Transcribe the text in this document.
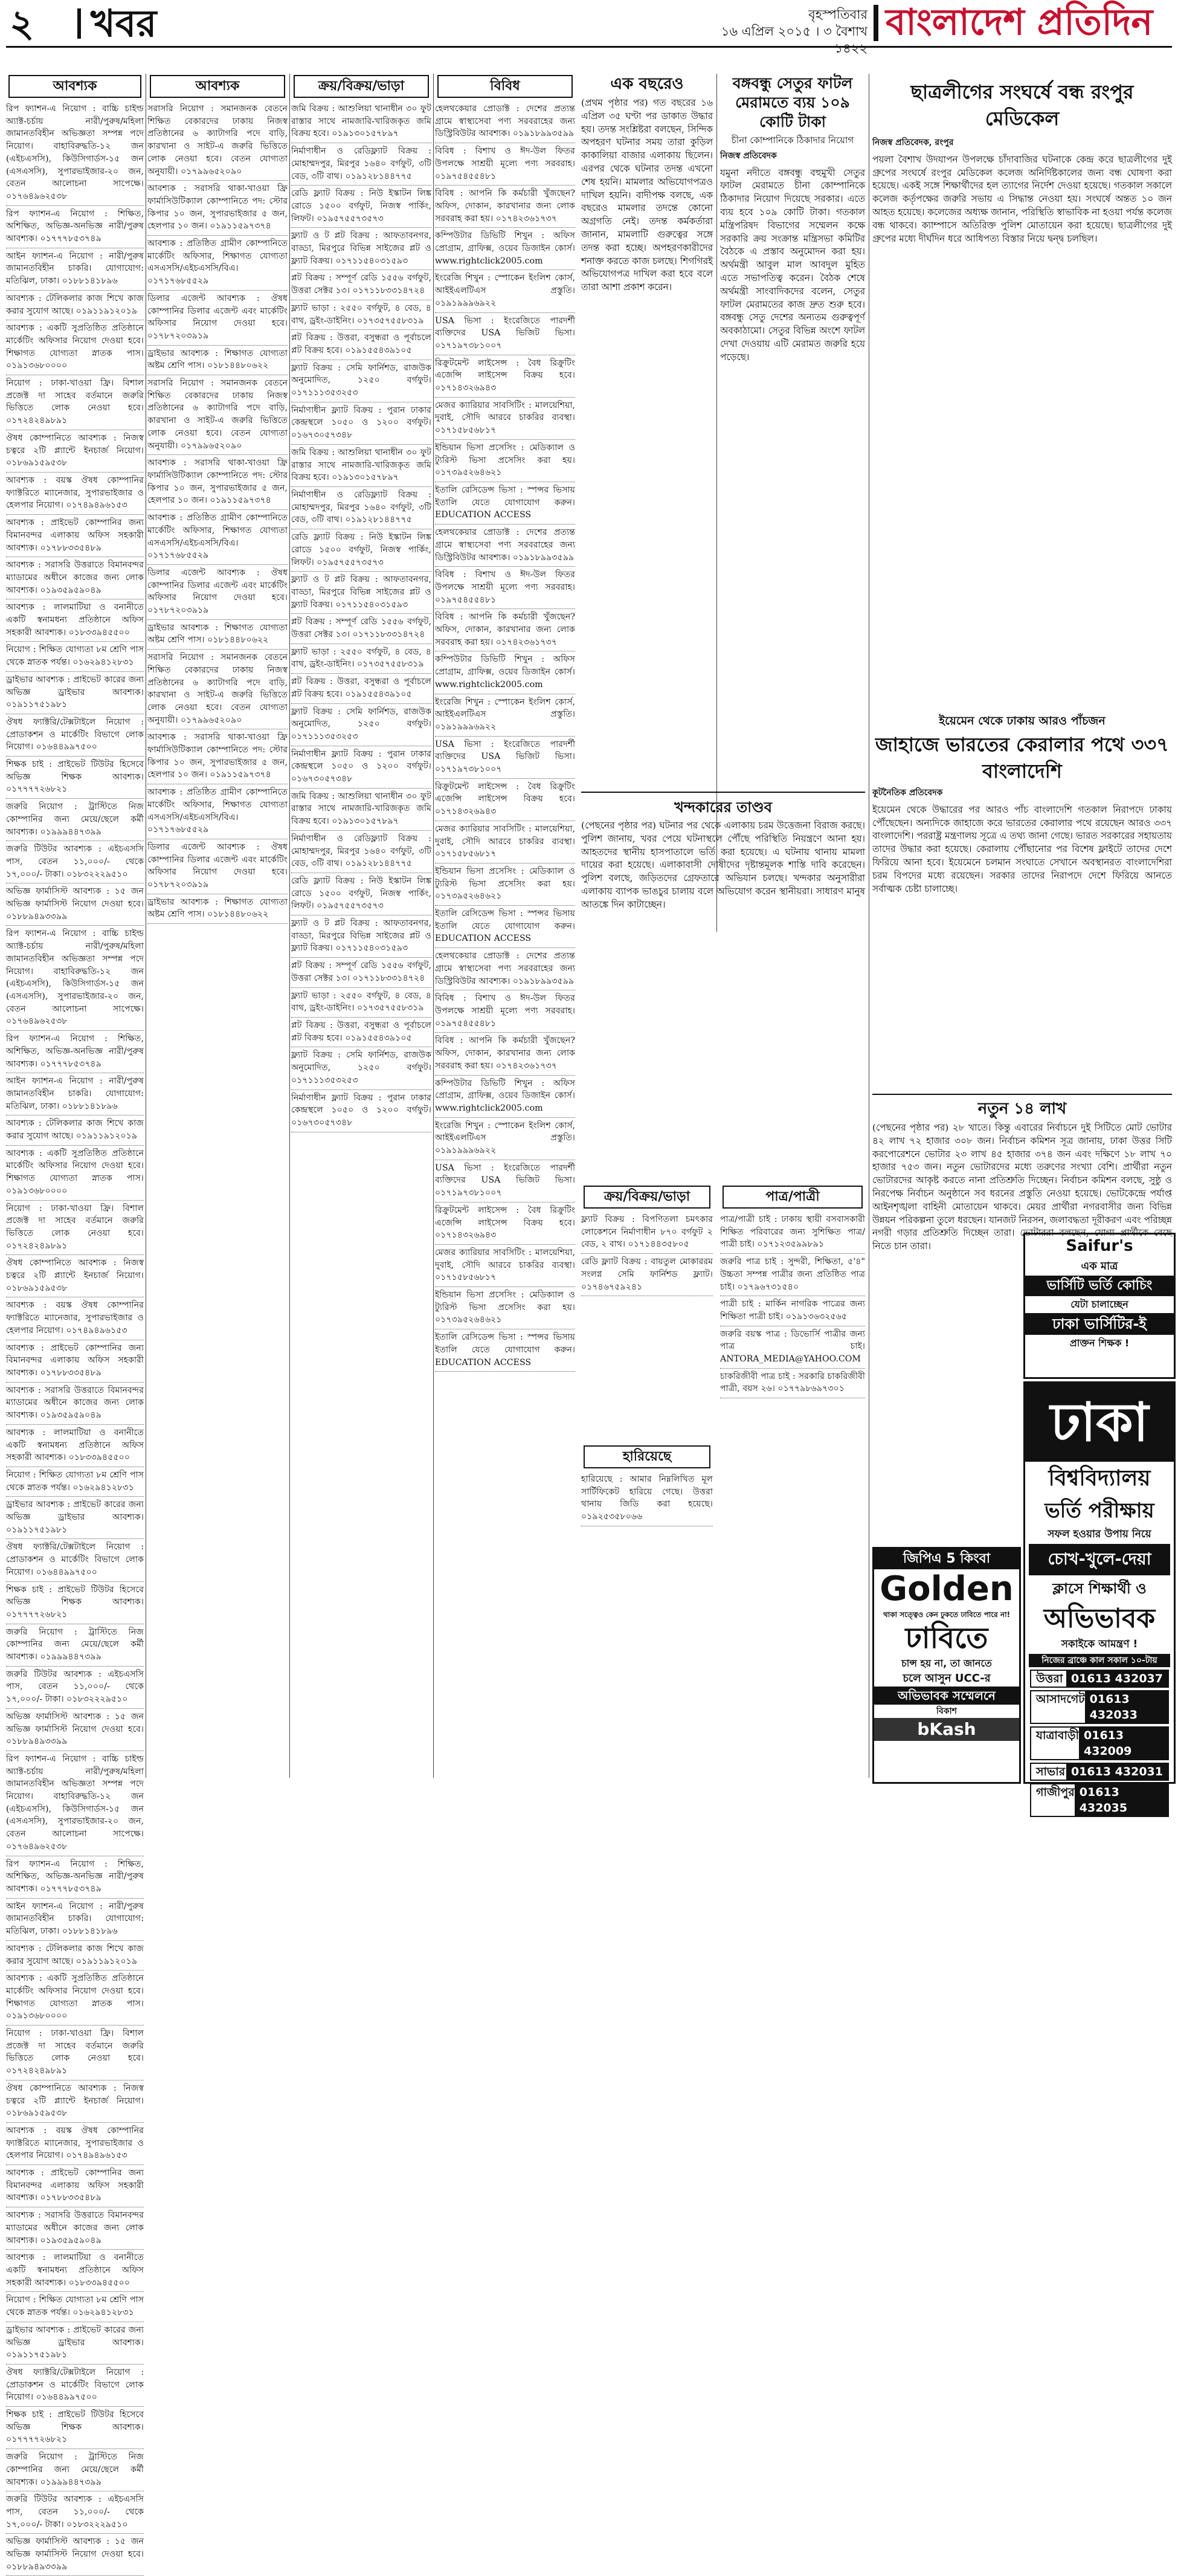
২ খবর	বৃহস্পতিবার
১৬ এপ্রিল ২০১৫ । ৩ বৈশাখ ১৪২২
বাংলাদেশ প্রতিদিন
আবশ্যক
রিপ ফ্যাশন-এ নিয়োগ : বাচ্চি চাইল্ড অ্যাক্ট-চর্চায় নারী/পুরুষ/মহিলা জামানতবিহীন অভিজ্ঞতা সম্পন্ন পদে নিয়োগ। বাহাবিরুদ্ধতি-১২ জন (এইচএসসি), কিউসিগার্ডস-১৫ জন (এসএসসি), সুপারভাইজার-২০ জন, বেতন আলোচনা সাপেক্ষে। ০১৭৬৪৯৬২৫৩৮
রিপ ফ্যাশন-এ নিয়োগ : শিক্ষিত, অশিক্ষিত, অভিজ্ঞ-অনভিজ্ঞ নারী/পুরুষ আবশ্যক। ০১৭৭৭৮৫৩৭৪৯
আইন ফ্যাশন-এ নিয়োগ : নারী/পুরুষ জামানতবিহীন চাকরি। যোগাযোগ: মতিঝিল, ঢাকা। ০১৮৮১৪১৮৯৬
আবশ্যক : টেলিকলার কাজ শিখে কাজ করার সুযোগ আছে। ০১৯১১৯১২০১৯
আবশ্যক : একটি সুপ্রতিষ্ঠিত প্রতিষ্ঠানে মার্কেটিং অফিসার নিয়োগ দেওয়া হবে। শিক্ষাগত যোগ্যতা স্নাতক পাস। ০১৯১৩৬৮০০০০
নিয়োগ : ঢাকা-খাওয়া ফ্রি। বিশাল প্রজেক্ট দা সাহেব বর্তমানে জরুরি ভিত্তিতে লোক নেওয়া হবে। ০১৭২৪২৪৯৮৯১
ঔষধ কোম্পানিতে আবশ্যক : নিজস্ব চত্বরে ২টি প্ল্যান্টে ইনচার্জ নিয়োগ। ০১৮৬৯১৫৯৫৩৮
আবশ্যক : বয়স্ক ঔষধ কোম্পানির ফ্যাক্টরিতে ম্যানেজার, সুপারভাইজার ও হেলপার নিয়োগ। ০১৭৪৯৪৯৬১৫৩
আবশ্যক : প্রাইভেট কোম্পানির জন্য বিমানবন্দর এলাকায় অফিস সহকারী আবশ্যক। ০১৭৮৮৩৩৫৪৮৯
আবশ্যক : সরাসরি উত্তরাতে বিমানবন্দর ম্যাডামের অধীনে কাজের জন্য লোক আবশ্যক। ০১৯৩৫৯৫৯০৪৯
আবশ্যক : লালমাটিয়া ও বনানীতে একটি স্বনামধন্য প্রতিষ্ঠানে অফিস সহকারী আবশ্যক। ০১৮৩৩৯৪৫৫০০
নিয়োগ : শিক্ষিত যোগ্যতা ৮ম শ্রেণি পাস থেকে স্নাতক পর্যন্ত। ০১৬২৯৪১২৮৩১
ড্রাইভার আবশ্যক : প্রাইভেট কারের জন্য অভিজ্ঞ ড্রাইভার আবশ্যক। ০১৯১১৭৫১৯৮১
ঔষধ ফ্যাক্টরি/টেক্সটাইলে নিয়োগ : প্রোডাকশন ও মার্কেটিং বিভাগে লোক নিয়োগ। ০১৬৪৪৯৯৭৫০০
শিক্ষক চাই : প্রাইভেট টিউটর হিসেবে অভিজ্ঞ শিক্ষক আবশ্যক। ০১৭৭৭৭২৬৮২১
জরুরি নিয়োগ : ট্রাস্টিতে নিজ কোম্পানির জন্য মেয়ে/ছেলে কর্মী আবশ্যক। ০১৯৯৯৪৪৭৩৯৯
জরুরি টিউটর আবশ্যক : এইচএসসি পাস, বেতন ১১,০০০/- থেকে ১৭,০০০/- টাকা। ০১৮৩২২২৯৫১০
অভিজ্ঞ ফার্মাসিস্ট আবশ্যক : ১৫ জন অভিজ্ঞ ফার্মাসিস্ট নিয়োগ দেওয়া হবে। ০১৮৮৯৪৯৩৩৯৯
রিপ ফ্যাশন-এ নিয়োগ : বাচ্চি চাইল্ড অ্যাক্ট-চর্চায় নারী/পুরুষ/মহিলা জামানতবিহীন অভিজ্ঞতা সম্পন্ন পদে নিয়োগ। বাহাবিরুদ্ধতি-১২ জন (এইচএসসি), কিউসিগার্ডস-১৫ জন (এসএসসি), সুপারভাইজার-২০ জন, বেতন আলোচনা সাপেক্ষে। ০১৭৬৪৯৬২৫৩৮
রিপ ফ্যাশন-এ নিয়োগ : শিক্ষিত, অশিক্ষিত, অভিজ্ঞ-অনভিজ্ঞ নারী/পুরুষ আবশ্যক। ০১৭৭৭৮৫৩৭৪৯
আইন ফ্যাশন-এ নিয়োগ : নারী/পুরুষ জামানতবিহীন চাকরি। যোগাযোগ: মতিঝিল, ঢাকা। ০১৮৮১৪১৮৯৬
আবশ্যক : টেলিকলার কাজ শিখে কাজ করার সুযোগ আছে। ০১৯১১৯১২০১৯
আবশ্যক : একটি সুপ্রতিষ্ঠিত প্রতিষ্ঠানে মার্কেটিং অফিসার নিয়োগ দেওয়া হবে। শিক্ষাগত যোগ্যতা স্নাতক পাস। ০১৯১৩৬৮০০০০
নিয়োগ : ঢাকা-খাওয়া ফ্রি। বিশাল প্রজেক্ট দা সাহেব বর্তমানে জরুরি ভিত্তিতে লোক নেওয়া হবে। ০১৭২৪২৪৯৮৯১
ঔষধ কোম্পানিতে আবশ্যক : নিজস্ব চত্বরে ২টি প্ল্যান্টে ইনচার্জ নিয়োগ। ০১৮৬৯১৫৯৫৩৮
আবশ্যক : বয়স্ক ঔষধ কোম্পানির ফ্যাক্টরিতে ম্যানেজার, সুপারভাইজার ও হেলপার নিয়োগ। ০১৭৪৯৪৯৬১৫৩
আবশ্যক : প্রাইভেট কোম্পানির জন্য বিমানবন্দর এলাকায় অফিস সহকারী আবশ্যক। ০১৭৮৮৩৩৫৪৮৯
আবশ্যক : সরাসরি উত্তরাতে বিমানবন্দর ম্যাডামের অধীনে কাজের জন্য লোক আবশ্যক। ০১৯৩৫৯৫৯০৪৯
আবশ্যক : লালমাটিয়া ও বনানীতে একটি স্বনামধন্য প্রতিষ্ঠানে অফিস সহকারী আবশ্যক। ০১৮৩৩৯৪৫৫০০
নিয়োগ : শিক্ষিত যোগ্যতা ৮ম শ্রেণি পাস থেকে স্নাতক পর্যন্ত। ০১৬২৯৪১২৮৩১
ড্রাইভার আবশ্যক : প্রাইভেট কারের জন্য অভিজ্ঞ ড্রাইভার আবশ্যক। ০১৯১১৭৫১৯৮১
ঔষধ ফ্যাক্টরি/টেক্সটাইলে নিয়োগ : প্রোডাকশন ও মার্কেটিং বিভাগে লোক নিয়োগ। ০১৬৪৪৯৯৭৫০০
শিক্ষক চাই : প্রাইভেট টিউটর হিসেবে অভিজ্ঞ শিক্ষক আবশ্যক। ০১৭৭৭৭২৬৮২১
জরুরি নিয়োগ : ট্রাস্টিতে নিজ কোম্পানির জন্য মেয়ে/ছেলে কর্মী আবশ্যক। ০১৯৯৯৪৪৭৩৯৯
জরুরি টিউটর আবশ্যক : এইচএসসি পাস, বেতন ১১,০০০/- থেকে ১৭,০০০/- টাকা। ০১৮৩২২২৯৫১০
অভিজ্ঞ ফার্মাসিস্ট আবশ্যক : ১৫ জন অভিজ্ঞ ফার্মাসিস্ট নিয়োগ দেওয়া হবে। ০১৮৮৯৪৯৩৩৯৯
রিপ ফ্যাশন-এ নিয়োগ : বাচ্চি চাইল্ড অ্যাক্ট-চর্চায় নারী/পুরুষ/মহিলা জামানতবিহীন অভিজ্ঞতা সম্পন্ন পদে নিয়োগ। বাহাবিরুদ্ধতি-১২ জন (এইচএসসি), কিউসিগার্ডস-১৫ জন (এসএসসি), সুপারভাইজার-২০ জন, বেতন আলোচনা সাপেক্ষে। ০১৭৬৪৯৬২৫৩৮
রিপ ফ্যাশন-এ নিয়োগ : শিক্ষিত, অশিক্ষিত, অভিজ্ঞ-অনভিজ্ঞ নারী/পুরুষ আবশ্যক। ০১৭৭৭৮৫৩৭৪৯
আইন ফ্যাশন-এ নিয়োগ : নারী/পুরুষ জামানতবিহীন চাকরি। যোগাযোগ: মতিঝিল, ঢাকা। ০১৮৮১৪১৮৯৬
আবশ্যক : টেলিকলার কাজ শিখে কাজ করার সুযোগ আছে। ০১৯১১৯১২০১৯
আবশ্যক : একটি সুপ্রতিষ্ঠিত প্রতিষ্ঠানে মার্কেটিং অফিসার নিয়োগ দেওয়া হবে। শিক্ষাগত যোগ্যতা স্নাতক পাস। ০১৯১৩৬৮০০০০
নিয়োগ : ঢাকা-খাওয়া ফ্রি। বিশাল প্রজেক্ট দা সাহেব বর্তমানে জরুরি ভিত্তিতে লোক নেওয়া হবে। ০১৭২৪২৪৯৮৯১
ঔষধ কোম্পানিতে আবশ্যক : নিজস্ব চত্বরে ২টি প্ল্যান্টে ইনচার্জ নিয়োগ। ০১৮৬৯১৫৯৫৩৮
আবশ্যক : বয়স্ক ঔষধ কোম্পানির ফ্যাক্টরিতে ম্যানেজার, সুপারভাইজার ও হেলপার নিয়োগ। ০১৭৪৯৪৯৬১৫৩
আবশ্যক : প্রাইভেট কোম্পানির জন্য বিমানবন্দর এলাকায় অফিস সহকারী আবশ্যক। ০১৭৮৮৩৩৫৪৮৯
আবশ্যক : সরাসরি উত্তরাতে বিমানবন্দর ম্যাডামের অধীনে কাজের জন্য লোক আবশ্যক। ০১৯৩৫৯৫৯০৪৯
আবশ্যক : লালমাটিয়া ও বনানীতে একটি স্বনামধন্য প্রতিষ্ঠানে অফিস সহকারী আবশ্যক। ০১৮৩৩৯৪৫৫০০
নিয়োগ : শিক্ষিত যোগ্যতা ৮ম শ্রেণি পাস থেকে স্নাতক পর্যন্ত। ০১৬২৯৪১২৮৩১
ড্রাইভার আবশ্যক : প্রাইভেট কারের জন্য অভিজ্ঞ ড্রাইভার আবশ্যক। ০১৯১১৭৫১৯৮১
ঔষধ ফ্যাক্টরি/টেক্সটাইলে নিয়োগ : প্রোডাকশন ও মার্কেটিং বিভাগে লোক নিয়োগ। ০১৬৪৪৯৯৭৫০০
শিক্ষক চাই : প্রাইভেট টিউটর হিসেবে অভিজ্ঞ শিক্ষক আবশ্যক। ০১৭৭৭৭২৬৮২১
জরুরি নিয়োগ : ট্রাস্টিতে নিজ কোম্পানির জন্য মেয়ে/ছেলে কর্মী আবশ্যক। ০১৯৯৯৪৪৭৩৯৯
জরুরি টিউটর আবশ্যক : এইচএসসি পাস, বেতন ১১,০০০/- থেকে ১৭,০০০/- টাকা। ০১৮৩২২২৯৫১০
অভিজ্ঞ ফার্মাসিস্ট আবশ্যক : ১৫ জন অভিজ্ঞ ফার্মাসিস্ট নিয়োগ দেওয়া হবে। ০১৮৮৯৪৯৩৩৯৯
আবশ্যক
সরাসরি নিয়োগ : সমানজনক বেতনে শিক্ষিত বেকারদের ঢাকায় নিজস্ব প্রতিষ্ঠানের ৬ ক্যাটাগরি পদে বাড়ি, কারখানা ও সাইট-এ জরুরি ভিত্তিতে লোক নেওয়া হবে। বেতন যোগ্যতা অনুযায়ী। ০১৭৯৯৬৫২০৯০
আবশ্যক : সরাসরি থাকা-খাওয়া ফ্রি ফার্মাসিউটিক্যাল কোম্পানিতে পদ: স্টোর কিপার ১০ জন, সুপারভাইজার ৫ জন, হেলপার ১০ জন। ০১৯১১৫৯৭৩৭৪
আবশ্যক : প্রতিষ্ঠিত গ্রামীণ কোম্পানিতে মার্কেটিং অফিসার, শিক্ষাগত যোগ্যতা এসএসসি/এইচএসসি/বিএ। ০১৭১৭৬৮৫৫২৯
ডিলার এজেন্ট আবশ্যক : ঔষধ কোম্পানির ডিলার এজেন্ট এবং মার্কেটিং অফিসার নিয়োগ দেওয়া হবে। ০১৭৮৭২০৩৯১৯
ড্রাইভার আবশ্যক : শিক্ষাগত যোগ্যতা অষ্টম শ্রেণি পাস। ০১৮১৪৪৮০৬২২
সরাসরি নিয়োগ : সমানজনক বেতনে শিক্ষিত বেকারদের ঢাকায় নিজস্ব প্রতিষ্ঠানের ৬ ক্যাটাগরি পদে বাড়ি, কারখানা ও সাইট-এ জরুরি ভিত্তিতে লোক নেওয়া হবে। বেতন যোগ্যতা অনুযায়ী। ০১৭৯৯৬৫২০৯০
আবশ্যক : সরাসরি থাকা-খাওয়া ফ্রি ফার্মাসিউটিক্যাল কোম্পানিতে পদ: স্টোর কিপার ১০ জন, সুপারভাইজার ৫ জন, হেলপার ১০ জন। ০১৯১১৫৯৭৩৭৪
আবশ্যক : প্রতিষ্ঠিত গ্রামীণ কোম্পানিতে মার্কেটিং অফিসার, শিক্ষাগত যোগ্যতা এসএসসি/এইচএসসি/বিএ। ০১৭১৭৬৮৫৫২৯
ডিলার এজেন্ট আবশ্যক : ঔষধ কোম্পানির ডিলার এজেন্ট এবং মার্কেটিং অফিসার নিয়োগ দেওয়া হবে। ০১৭৮৭২০৩৯১৯
ড্রাইভার আবশ্যক : শিক্ষাগত যোগ্যতা অষ্টম শ্রেণি পাস। ০১৮১৪৪৮০৬২২
সরাসরি নিয়োগ : সমানজনক বেতনে শিক্ষিত বেকারদের ঢাকায় নিজস্ব প্রতিষ্ঠানের ৬ ক্যাটাগরি পদে বাড়ি, কারখানা ও সাইট-এ জরুরি ভিত্তিতে লোক নেওয়া হবে। বেতন যোগ্যতা অনুযায়ী। ০১৭৯৯৬৫২০৯০
আবশ্যক : সরাসরি থাকা-খাওয়া ফ্রি ফার্মাসিউটিক্যাল কোম্পানিতে পদ: স্টোর কিপার ১০ জন, সুপারভাইজার ৫ জন, হেলপার ১০ জন। ০১৯১১৫৯৭৩৭৪
আবশ্যক : প্রতিষ্ঠিত গ্রামীণ কোম্পানিতে মার্কেটিং অফিসার, শিক্ষাগত যোগ্যতা এসএসসি/এইচএসসি/বিএ। ০১৭১৭৬৮৫৫২৯
ডিলার এজেন্ট আবশ্যক : ঔষধ কোম্পানির ডিলার এজেন্ট এবং মার্কেটিং অফিসার নিয়োগ দেওয়া হবে। ০১৭৮৭২০৩৯১৯
ড্রাইভার আবশ্যক : শিক্ষাগত যোগ্যতা অষ্টম শ্রেণি পাস। ০১৮১৪৪৮০৬২২
ক্রয়/বিক্রয়/ভাড়া
জমি বিক্রয় : আশুলিয়া থানাধীন ৩০ ফুট রাস্তার সাথে নামজারি-খারিজকৃত জমি বিক্রয় হবে। ০১৯১৩০১৫৭৮৯৭
নির্মাণাধীন ও রেডিফ্ল্যাট বিক্রয় : মোহাম্মদপুর, মিরপুর ১৬৪০ বর্গফুট, ৩টি বেড, ৩টি বাথ। ০১৯১২৮১৪৪৭৭৫
রেডি ফ্ল্যাট বিক্রয় : নিউ ইস্কাটন লিঙ্ক রোডে ১৫০০ বর্গফুট, নিজস্ব পার্কিং, লিফট। ০১৯৫৭৫৫৭৩৫৭৩
ফ্ল্যাট ও ট প্লট বিক্রয় : আফতাবনগর, বাড্ডা, মিরপুরে বিভিন্ন সাইজের প্লট ও ফ্ল্যাট বিক্রয়। ০১৭১১৫৪০৩১৫৯৩
প্লট বিক্রয় : সম্পূর্ণ রেডি ১৫৫৬ বর্গফুট, উত্তরা সেক্টর ১৩। ০১৭১১৮৩৩১৪৭২৪
ফ্ল্যাট ভাড়া : ২৫৫০ বর্গফুট, ৪ বেড, ৪ বাথ, ড্রইং-ডাইনিং। ০১৭৩৫৭৫৫৮৩১৯
প্লট বিক্রয় : উত্তরা, বসুন্ধরা ও পূর্বাচলে প্লট বিক্রয় হবে। ০১৯১৫৫৪৩৯১০৫
ফ্ল্যাট বিক্রয় : সেমি ফার্নিশড, রাজউক অনুমোদিত, ১২৫০ বর্গফুট। ০১৭১১১৩৫৩২৫৩
নির্মাণাধীন ফ্ল্যাট বিক্রয় : পুরান ঢাকার কেন্দ্রস্থলে ১০৫০ ও ১২০০ বর্গফুট। ০১৬৭৩০৫৭৩৪৮
জমি বিক্রয় : আশুলিয়া থানাধীন ৩০ ফুট রাস্তার সাথে নামজারি-খারিজকৃত জমি বিক্রয় হবে। ০১৯১৩০১৫৭৮৯৭
নির্মাণাধীন ও রেডিফ্ল্যাট বিক্রয় : মোহাম্মদপুর, মিরপুর ১৬৪০ বর্গফুট, ৩টি বেড, ৩টি বাথ। ০১৯১২৮১৪৪৭৭৫
রেডি ফ্ল্যাট বিক্রয় : নিউ ইস্কাটন লিঙ্ক রোডে ১৫০০ বর্গফুট, নিজস্ব পার্কিং, লিফট। ০১৯৫৭৫৫৭৩৫৭৩
ফ্ল্যাট ও ট প্লট বিক্রয় : আফতাবনগর, বাড্ডা, মিরপুরে বিভিন্ন সাইজের প্লট ও ফ্ল্যাট বিক্রয়। ০১৭১১৫৪০৩১৫৯৩
প্লট বিক্রয় : সম্পূর্ণ রেডি ১৫৫৬ বর্গফুট, উত্তরা সেক্টর ১৩। ০১৭১১৮৩৩১৪৭২৪
ফ্ল্যাট ভাড়া : ২৫৫০ বর্গফুট, ৪ বেড, ৪ বাথ, ড্রইং-ডাইনিং। ০১৭৩৫৭৫৫৮৩১৯
প্লট বিক্রয় : উত্তরা, বসুন্ধরা ও পূর্বাচলে প্লট বিক্রয় হবে। ০১৯১৫৫৪৩৯১০৫
ফ্ল্যাট বিক্রয় : সেমি ফার্নিশড, রাজউক অনুমোদিত, ১২৫০ বর্গফুট। ০১৭১১১৩৫৩২৫৩
নির্মাণাধীন ফ্ল্যাট বিক্রয় : পুরান ঢাকার কেন্দ্রস্থলে ১০৫০ ও ১২০০ বর্গফুট। ০১৬৭৩০৫৭৩৪৮
জমি বিক্রয় : আশুলিয়া থানাধীন ৩০ ফুট রাস্তার সাথে নামজারি-খারিজকৃত জমি বিক্রয় হবে। ০১৯১৩০১৫৭৮৯৭
নির্মাণাধীন ও রেডিফ্ল্যাট বিক্রয় : মোহাম্মদপুর, মিরপুর ১৬৪০ বর্গফুট, ৩টি বেড, ৩টি বাথ। ০১৯১২৮১৪৪৭৭৫
রেডি ফ্ল্যাট বিক্রয় : নিউ ইস্কাটন লিঙ্ক রোডে ১৫০০ বর্গফুট, নিজস্ব পার্কিং, লিফট। ০১৯৫৭৫৫৭৩৫৭৩
ফ্ল্যাট ও ট প্লট বিক্রয় : আফতাবনগর, বাড্ডা, মিরপুরে বিভিন্ন সাইজের প্লট ও ফ্ল্যাট বিক্রয়। ০১৭১১৫৪০৩১৫৯৩
প্লট বিক্রয় : সম্পূর্ণ রেডি ১৫৫৬ বর্গফুট, উত্তরা সেক্টর ১৩। ০১৭১১৮৩৩১৪৭২৪
ফ্ল্যাট ভাড়া : ২৫৫০ বর্গফুট, ৪ বেড, ৪ বাথ, ড্রইং-ডাইনিং। ০১৭৩৫৭৫৫৮৩১৯
প্লট বিক্রয় : উত্তরা, বসুন্ধরা ও পূর্বাচলে প্লট বিক্রয় হবে। ০১৯১৫৫৪৩৯১০৫
ফ্ল্যাট বিক্রয় : সেমি ফার্নিশড, রাজউক অনুমোদিত, ১২৫০ বর্গফুট। ০১৭১১১৩৫৩২৫৩
নির্মাণাধীন ফ্ল্যাট বিক্রয় : পুরান ঢাকার কেন্দ্রস্থলে ১০৫০ ও ১২০০ বর্গফুট। ০১৬৭৩০৫৭৩৪৮
বিবিধ
হেলথকেয়ার প্রোডাক্ট : দেশের প্রত্যন্ত গ্রামে স্বাস্থ্যসেবা পণ্য সরবরাহের জন্য ডিস্ট্রিবিউটর আবশ্যক। ০১৯১৮৯৯৩৫৯৯
বিবিধ : বিশাখ ও ঈদ-উল ফিতর উপলক্ষে সাশ্রয়ী মূল্যে পণ্য সরবরাহ। ০১৯৭৫৪৫৫৪৮১
বিবিধ : আপনি কি কর্মচারী খুঁজছেন? অফিস, দোকান, কারখানার জন্য লোক সরবরাহ করা হয়। ০১৭৪২৩৬১৭৩৭
কম্পিউটার ডিভিটি শিখুন : অফিস প্রোগ্রাম, গ্রাফিক্স, ওয়েব ডিজাইন কোর্স। www.rightclick2005.com
ইংরেজি শিখুন : স্পোকেন ইংলিশ কোর্স, আইইএলটিএস প্রস্তুতি। ০১৯১৯৯৯৬৯২২
USA ভিসা : ইংরেজিতে পারদর্শী ব্যক্তিদের USA ভিজিট ভিসা। ০১৭১৯৭৩৮১০০৭
রিক্রুটমেন্ট লাইসেন্স : বৈধ রিক্রুটিং এজেন্সি লাইসেন্স বিক্রয় হবে। ০১৭১৪৩২৬৯৪৩
মেজর ক্যারিয়ার সাবসিটিং : মালয়েশিয়া, দুবাই, সৌদি আরবে চাকরির ব্যবস্থা। ০১৭১৫৮৫৬৮১৭
ইন্ডিয়ান ভিসা প্রসেসিং : মেডিক্যাল ও ট্যুরিস্ট ভিসা প্রসেসিং করা হয়। ০১৭৩৯৫২৬৪৬২১
ইতালি রেসিডেন্স ভিসা : স্পন্সর ভিসায় ইতালি যেতে যোগাযোগ করুন। EDUCATION ACCESS
হেলথকেয়ার প্রোডাক্ট : দেশের প্রত্যন্ত গ্রামে স্বাস্থ্যসেবা পণ্য সরবরাহের জন্য ডিস্ট্রিবিউটর আবশ্যক। ০১৯১৮৯৯৩৫৯৯
বিবিধ : বিশাখ ও ঈদ-উল ফিতর উপলক্ষে সাশ্রয়ী মূল্যে পণ্য সরবরাহ। ০১৯৭৫৪৫৫৪৮১
বিবিধ : আপনি কি কর্মচারী খুঁজছেন? অফিস, দোকান, কারখানার জন্য লোক সরবরাহ করা হয়। ০১৭৪২৩৬১৭৩৭
কম্পিউটার ডিভিটি শিখুন : অফিস প্রোগ্রাম, গ্রাফিক্স, ওয়েব ডিজাইন কোর্স। www.rightclick2005.com
ইংরেজি শিখুন : স্পোকেন ইংলিশ কোর্স, আইইএলটিএস প্রস্তুতি। ০১৯১৯৯৯৬৯২২
USA ভিসা : ইংরেজিতে পারদর্শী ব্যক্তিদের USA ভিজিট ভিসা। ০১৭১৯৭৩৮১০০৭
রিক্রুটমেন্ট লাইসেন্স : বৈধ রিক্রুটিং এজেন্সি লাইসেন্স বিক্রয় হবে। ০১৭১৪৩২৬৯৪৩
মেজর ক্যারিয়ার সাবসিটিং : মালয়েশিয়া, দুবাই, সৌদি আরবে চাকরির ব্যবস্থা। ০১৭১৫৮৫৬৮১৭
ইন্ডিয়ান ভিসা প্রসেসিং : মেডিক্যাল ও ট্যুরিস্ট ভিসা প্রসেসিং করা হয়। ০১৭৩৯৫২৬৪৬২১
ইতালি রেসিডেন্স ভিসা : স্পন্সর ভিসায় ইতালি যেতে যোগাযোগ করুন। EDUCATION ACCESS
হেলথকেয়ার প্রোডাক্ট : দেশের প্রত্যন্ত গ্রামে স্বাস্থ্যসেবা পণ্য সরবরাহের জন্য ডিস্ট্রিবিউটর আবশ্যক। ০১৯১৮৯৯৩৫৯৯
বিবিধ : বিশাখ ও ঈদ-উল ফিতর উপলক্ষে সাশ্রয়ী মূল্যে পণ্য সরবরাহ। ০১৯৭৫৪৫৫৪৮১
বিবিধ : আপনি কি কর্মচারী খুঁজছেন? অফিস, দোকান, কারখানার জন্য লোক সরবরাহ করা হয়। ০১৭৪২৩৬১৭৩৭
কম্পিউটার ডিভিটি শিখুন : অফিস প্রোগ্রাম, গ্রাফিক্স, ওয়েব ডিজাইন কোর্স। www.rightclick2005.com
ইংরেজি শিখুন : স্পোকেন ইংলিশ কোর্স, আইইএলটিএস প্রস্তুতি। ০১৯১৯৯৯৬৯২২
USA ভিসা : ইংরেজিতে পারদর্শী ব্যক্তিদের USA ভিজিট ভিসা। ০১৭১৯৭৩৮১০০৭
রিক্রুটমেন্ট লাইসেন্স : বৈধ রিক্রুটিং এজেন্সি লাইসেন্স বিক্রয় হবে। ০১৭১৪৩২৬৯৪৩
মেজর ক্যারিয়ার সাবসিটিং : মালয়েশিয়া, দুবাই, সৌদি আরবে চাকরির ব্যবস্থা। ০১৭১৫৮৫৬৮১৭
ইন্ডিয়ান ভিসা প্রসেসিং : মেডিক্যাল ও ট্যুরিস্ট ভিসা প্রসেসিং করা হয়। ০১৭৩৯৫২৬৪৬২১
ইতালি রেসিডেন্স ভিসা : স্পন্সর ভিসায় ইতালি যেতে যোগাযোগ করুন। EDUCATION ACCESS
ক্রয়/বিক্রয়/ভাড়া
ফ্ল্যাট বিক্রয় : বিপণিতলা চমৎকার লোকেশনে নির্মাণাধীন ৮৭০ বর্গফুট ২ বেড, ২ বাথ। ০১৭১৪৪৩৫৮০৫
রেডি ফ্ল্যাট বিক্রয় : বায়তুল মোকাররম সংলগ্ন সেমি ফার্নিশড ফ্ল্যাট। ০১৭৪৬৭৫৯২৪১
পাত্র/পাত্রী
পাত্র/পাত্রী চাই : ঢাকায় স্থায়ী বসবাসকারী শিক্ষিত পরিবারের জন্য সুশিক্ষিত পাত্র/পাত্রী চাই। ০১৭১২৩৫৯৯৮৯১
জরুরি পাত্র চাই : সুন্দরী, শিক্ষিতা, ৫'৪" উচ্চতা সম্পন্ন পাত্রীর জন্য প্রতিষ্ঠিত পাত্র চাই। ০১৭৯৬৭৩১৫৪০
পাত্রী চাই : মার্কিন নাগরিক পাত্রের জন্য শিক্ষিতা পাত্রী চাই। ০১৯১৩৬৩২৫৬৫
জরুরি বয়স্ক পাত্র : ডিভোর্সি পাত্রীর জন্য পাত্র চাই। ANTORA_MEDIA@YAHOO.COM
চাকরিজীবী পাত্র চাই : সরকারি চাকরিজীবী পাত্রী, বয়স ২৬। ০১৭৭৯৮৬৯৭৩০১
হারিয়েছে
হারিয়েছে : আমার নিম্নলিখিত মূল সার্টিফিকেট হারিয়ে গেছে। উত্তরা থানায় জিডি করা হয়েছে। ০১৯২৫৩৫৮০৬৬
এক বছরেও
(প্রথম পৃষ্ঠার পর) গত বছরের ১৬ এপ্রিল ৩৫ ঘণ্টা পর ডাকাত উদ্ধার হয়। তদন্ত সংশ্লিষ্টরা বলছেন, সিন্দিক অপহরণ ঘটনার সময় তারা কুড়িল কাকালিয়া বাজার এলাকায় ছিলেন। এরপর থেকে ঘটনার তদন্ত এখনো শেষ হয়নি। মামলার অভিযোগপত্রও দাখিল হয়নি। বাদীপক্ষ বলছে, এক বছরেও মামলার তদন্তে কোনো অগ্রগতি নেই। তদন্ত কর্মকর্তারা জানান, মামলাটি গুরুত্বের সঙ্গে তদন্ত করা হচ্ছে। অপহরণকারীদের শনাক্ত করতে কাজ চলছে। শিগগিরই অভিযোগপত্র দাখিল করা হবে বলে তারা আশা প্রকাশ করেন।
বঙ্গবন্ধু সেতুর ফাটল মেরামতে ব্যয় ১০৯ কোটি টাকা
চীনা কোম্পানিকে ঠিকাদার নিয়োগ
নিজস্ব প্রতিবেদক
যমুনা নদীতে বঙ্গবন্ধু বহুমুখী সেতুর ফাটল মেরামতে চীনা কোম্পানিকে ঠিকাদার নিয়োগ দিয়েছে সরকার। এতে ব্যয় হবে ১০৯ কোটি টাকা। গতকাল মন্ত্রিপরিষদ বিভাগের সম্মেলন কক্ষে সরকারি ক্রয় সংক্রান্ত মন্ত্রিসভা কমিটির বৈঠকে এ প্রস্তাব অনুমোদন করা হয়। অর্থমন্ত্রী আবুল মাল আবদুল মুহিত এতে সভাপতিত্ব করেন। বৈঠক শেষে অর্থমন্ত্রী সাংবাদিকদের বলেন, সেতুর ফাটল মেরামতের কাজ দ্রুত শুরু হবে। বঙ্গবন্ধু সেতু দেশের অন্যতম গুরুত্বপূর্ণ অবকাঠামো। সেতুর বিভিন্ন অংশে ফাটল দেখা দেওয়ায় এটি মেরামত জরুরি হয়ে পড়েছে।
খন্দকারের তাণ্ডব
(পেছনের পৃষ্ঠার পর) ঘটনার পর থেকে এলাকায় চরম উত্তেজনা বিরাজ করছে। পুলিশ জানায়, খবর পেয়ে ঘটনাস্থলে পৌঁছে পরিস্থিতি নিয়ন্ত্রণে আনা হয়। আহতদের স্থানীয় হাসপাতালে ভর্তি করা হয়েছে। এ ঘটনায় থানায় মামলা দায়ের করা হয়েছে। এলাকাবাসী দোষীদের দৃষ্টান্তমূলক শাস্তি দাবি করেছেন। পুলিশ বলছে, জড়িতদের গ্রেফতারে অভিযান চলছে। খন্দকার অনুসারীরা এলাকায় ব্যাপক ভাঙচুর চালায় বলে অভিযোগ করেন স্থানীয়রা। সাধারণ মানুষ আতঙ্কে দিন কাটাচ্ছেন।
ছাত্রলীগের সংঘর্ষে বন্ধ রংপুর মেডিকেল
নিজস্ব প্রতিবেদক, রংপুর
পয়লা বৈশাখ উদযাপন উপলক্ষে চাঁদাবাজির ঘটনাকে কেন্দ্র করে ছাত্রলীগের দুই গ্রুপের সংঘর্ষে রংপুর মেডিকেল কলেজ অনির্দিষ্টকালের জন্য বন্ধ ঘোষণা করা হয়েছে। একই সঙ্গে শিক্ষার্থীদের হল ত্যাগের নির্দেশ দেওয়া হয়েছে। গতকাল সকালে কলেজ কর্তৃপক্ষের জরুরি সভায় এ সিদ্ধান্ত নেওয়া হয়। সংঘর্ষে অন্তত ১০ জন আহত হয়েছে। কলেজের অধ্যক্ষ জানান, পরিস্থিতি স্বাভাবিক না হওয়া পর্যন্ত কলেজ বন্ধ থাকবে। ক্যাম্পাসে অতিরিক্ত পুলিশ মোতায়েন করা হয়েছে। ছাত্রলীগের দুই গ্রুপের মধ্যে দীর্ঘদিন ধরে আধিপত্য বিস্তার নিয়ে দ্বন্দ্ব চলছিল।
ইয়েমেন থেকে ঢাকায় আরও পাঁচজন
জাহাজে ভারতের কেরালার পথে ৩৩৭ বাংলাদেশি
কূটনৈতিক প্রতিবেদক
ইয়েমেন থেকে উদ্ধারের পর আরও পাঁচ বাংলাদেশি গতকাল নিরাপদে ঢাকায় পৌঁছেছেন। অন্যদিকে জাহাজে করে ভারতের কেরালার পথে রয়েছেন আরও ৩৩৭ বাংলাদেশি। পররাষ্ট্র মন্ত্রণালয় সূত্রে এ তথ্য জানা গেছে। ভারত সরকারের সহায়তায় তাদের উদ্ধার করা হয়েছে। কেরালায় পৌঁছানোর পর বিশেষ ফ্লাইটে তাদের দেশে ফিরিয়ে আনা হবে। ইয়েমেনে চলমান সংঘাতে সেখানে অবস্থানরত বাংলাদেশিরা চরম বিপদের মধ্যে রয়েছেন। সরকার তাদের নিরাপদে দেশে ফিরিয়ে আনতে সর্বাত্মক চেষ্টা চালাচ্ছে।
নতুন ১৪ লাখ
(পেছনের পৃষ্ঠার পর) ২৮ খাতে। কিন্তু এবারের নির্বাচনে দুই সিটিতে মোট ভোটার ৪২ লাখ ৭২ হাজার ৩০৮ জন। নির্বাচন কমিশন সূত্র জানায়, ঢাকা উত্তর সিটি করপোরেশনে ভোটার ২৩ লাখ ৪৫ হাজার ৩৭৪ জন এবং দক্ষিণে ১৮ লাখ ৭০ হাজার ৭৫৩ জন। নতুন ভোটারদের মধ্যে তরুণের সংখ্যা বেশি। প্রার্থীরা নতুন ভোটারদের আকৃষ্ট করতে নানা প্রতিশ্রুতি দিচ্ছেন। নির্বাচন কমিশন বলছে, সুষ্ঠু ও নিরপেক্ষ নির্বাচন অনুষ্ঠানে সব ধরনের প্রস্তুতি নেওয়া হয়েছে। ভোটকেন্দ্রে পর্যাপ্ত আইনশৃঙ্খলা বাহিনী মোতায়েন থাকবে। মেয়র প্রার্থীরা নগরবাসীর জন্য বিভিন্ন উন্নয়ন পরিকল্পনা তুলে ধরছেন। যানজট নিরসন, জলাবদ্ধতা দূরীকরণ এবং পরিচ্ছন্ন নগরী গড়ার প্রতিশ্রুতি দিচ্ছেন তারা। ভোটাররা বলছেন, যোগ্য প্রার্থীকে বেছে নিতে চান তারা।
ঢাকা
বিশ্ববিদ্যালয়
ভর্তি পরীক্ষায়
সফল হওয়ার উপায় নিয়ে
চোখ-খুলে-দেয়া
ক্লাসে শিক্ষার্থী ও
অভিভাবক
সকাইকে আমন্ত্রণ !
নিজের ব্রাঞ্চে কাল সকাল ১০-টায়
উত্তরা 01613 432037
আসাদগেট 01613 432033
যাত্রাবাড়ী 01613 432009
সাভার 01613 432031
গাজীপুর 01613 432035
জিপিএ 5 কিংবা
Golden
থাকা সত্ত্বেও কেন ঢুকতে ঢাবিতে পারে না!
ঢাবিতে
চান্স হয় না, তা জানতে
চলে আসুন UCC-র
অভিভাবক সম্মেলনে
বিকাশ
bKash
Saifur's
এক মাত্র
ভার্সিটি ভর্তি কোচিং
যেটা চালাচ্ছেন
ঢাকা ভার্সিটির-ই
প্রাক্তন শিক্ষক !
